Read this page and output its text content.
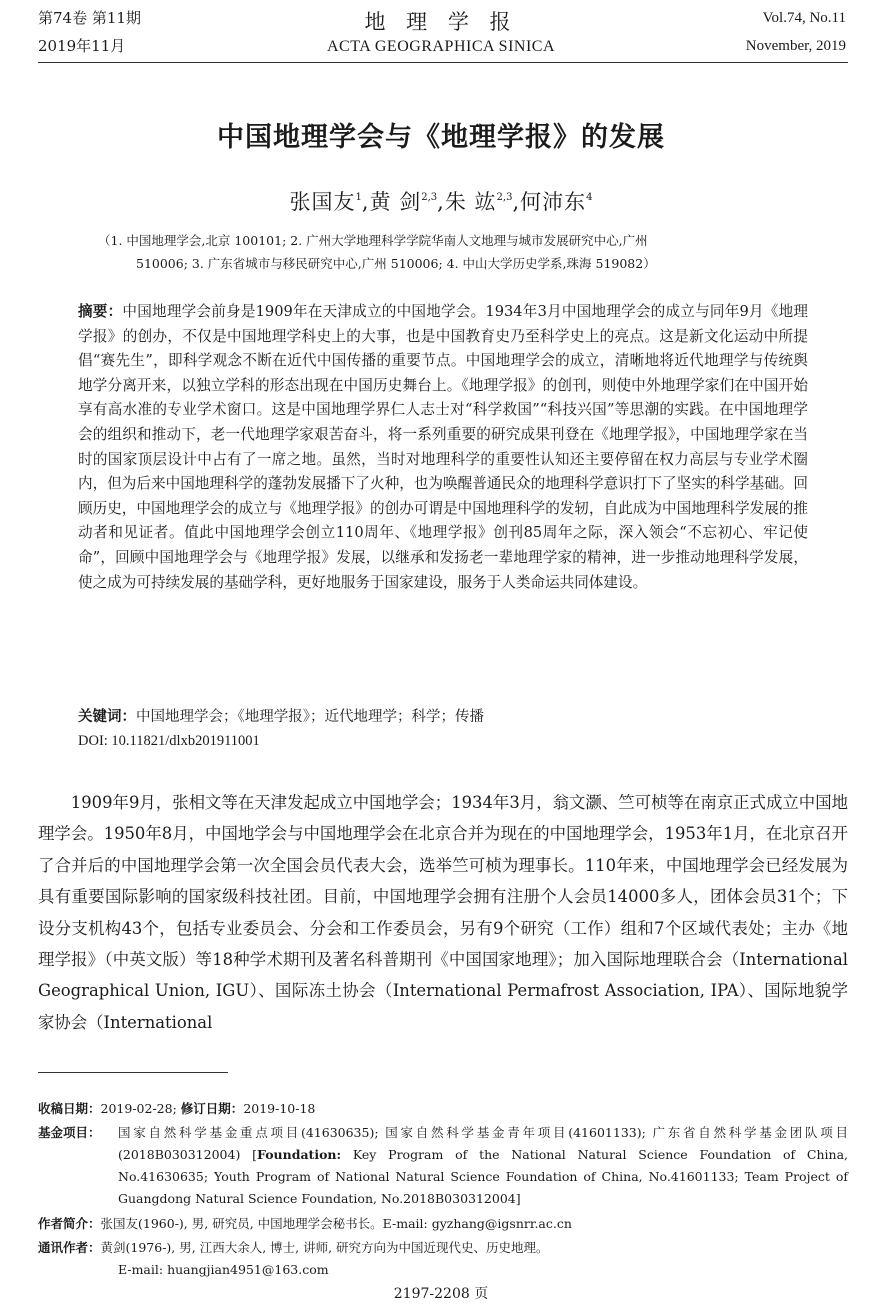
第74卷 第11期
2019年11月
地 理 学 报
ACTA GEOGRAPHICA SINICA
Vol.74, No.11
November, 2019
中国地理学会与《地理学报》的发展
张国友$^1$,黄 剑$^{2,3}$,朱 竑$^{2,3}$,何沛东$^4$
（1. 中国地理学会,北京 100101; 2. 广州大学地理科学学院华南人文地理与城市发展研究中心,广州
510006; 3. 广东省城市与移民研究中心,广州 510006; 4. 中山大学历史学系,珠海 519082）
摘要：中国地理学会前身是1909年在天津成立的中国地学会。1934年3月中国地理学会的成立与同年9月《地理学报》的创办，不仅是中国地理学科史上的大事，也是中国教育史乃至科学史上的亮点。这是新文化运动中所提倡“赛先生”，即科学观念不断在近代中国传播的重要节点。中国地理学会的成立，清晰地将近代地理学与传统舆地学分离开来，以独立学科的形态出现在中国历史舞台上。《地理学报》的创刊，则使中外地理学家们在中国开始享有高水准的专业学术窗口。这是中国地理学界仁人志士对“科学救国”“科技兴国”等思潮的实践。在中国地理学会的组织和推动下，老一代地理学家艰苦奋斗，将一系列重要的研究成果刊登在《地理学报》，中国地理学家在当时的国家顶层设计中占有了一席之地。虽然，当时对地理科学的重要性认知还主要停留在权力高层与专业学术圈内，但为后来中国地理科学的蓬勃发展播下了火种，也为唤醒普通民众的地理科学意识打下了坚实的科学基础。回顾历史，中国地理学会的成立与《地理学报》的创办可谓是中国地理科学的发轫，自此成为中国地理科学发展的推动者和见证者。值此中国地理学会创立110周年、《地理学报》创刊85周年之际，深入领会“不忘初心、牢记使命”，回顾中国地理学会与《地理学报》发展，以继承和发扬老一辈地理学家的精神，进一步推动地理科学发展，使之成为可持续发展的基础学科，更好地服务于国家建设，服务于人类命运共同体建设。
关键词：中国地理学会；《地理学报》；近代地理学；科学；传播
DOI: 10.11821/dlxb201911001
1909年9月，张相文等在天津发起成立中国地学会；1934年3月，翁文灏、竺可桢等在南京正式成立中国地理学会。1950年8月，中国地学会与中国地理学会在北京合并为现在的中国地理学会，1953年1月，在北京召开了合并后的中国地理学会第一次全国会员代表大会，选举竺可桢为理事长。110年来，中国地理学会已经发展为具有重要国际影响的国家级科技社团。目前，中国地理学会拥有注册个人会员14000多人，团体会员31个；下设分支机构43个，包括专业委员会、分会和工作委员会，另有9个研究（工作）组和7个区域代表处；主办《地理学报》（中英文版）等18种学术期刊及著名科普期刊《中国国家地理》；加入国际地理联合会（International Geographical Union, IGU）、国际冻土协会（International Permafrost Association, IPA）、国际地貌学家协会（International
收稿日期：2019-02-28; 修订日期：2019-10-18
基金项目：	国家自然科学基金重点项目(41630635); 国家自然科学基金青年项目(41601133); 广东省自然科学基金团队项目 (2018B030312004) [Foundation: Key Program of the National Natural Science Foundation of China, No.41630635; Youth Program of National Natural Science Foundation of China, No.41601133; Team Project of Guangdong Natural Science Foundation, No.2018B030312004]
作者简介：张国友(1960-), 男, 研究员, 中国地理学会秘书长。E-mail: gyzhang@igsnrr.ac.cn
通讯作者：黄剑(1976-), 男, 江西大余人, 博士, 讲师, 研究方向为中国近现代史、历史地理。
E-mail: huangjian4951@163.com
2197-2208 页
